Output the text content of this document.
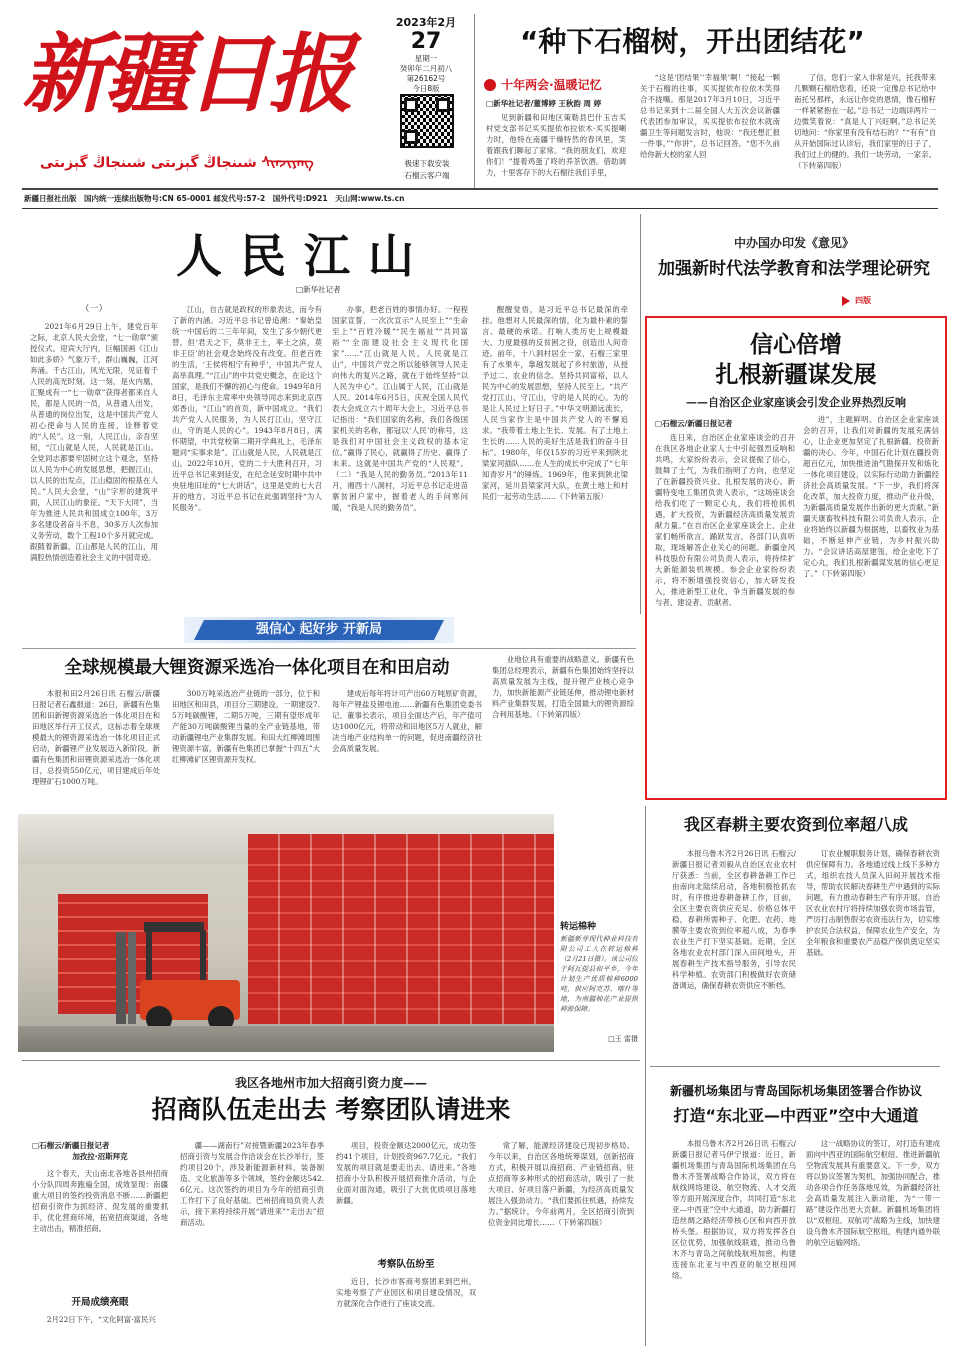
新疆日报
شىنجاڭ گېزىتى شىنجاڭ گېزىتى ᠰᠢᠨᠵᠢᠶᠠᠩ
2023年2月
27
星期一
癸卯年二月初八
第26162号
今日8版
极速下载安装
石榴云客户端
“种下石榴树，开出团结花”
十年两会·温暖记忆
□新华社记者/董博婷 王秋韵 周 婷
见到新疆和田地区策勒县巴什玉吉买村党支部书记买买提依布拉依木·买买提喇力时，他特在南疆干燥特然的春风里，笑着跟我们聊起了家常。“我的朋友们，欢迎你们！”提着鸡蛋了咚的养茶饮酒。借助调力，十里客存下的大石榴往我们手里，
“这是‘团结果’‘幸福果’啊！”接起一颗关于石榴的往事，买买提依布拉依木笑得合不拢嘴。那是2017年3月10日，习近平总书记来到十二届全国人大五次会议新疆代表团参加审议，买买提依布拉依木就南疆卫生等问题发言时，他说：“我还想汇报一件事。”“你讲”，总书记回答。“您不久前给你新大校的家人回
了信，您们一家入非常是兴，托我带来几颗颗石榴给您看，还说一定像总书记给中南托另那样，永远让你党的恩情，像石榴籽一样紧紧抱在一起。”总书记一边端详两片一边微笑着说：“真是人丁兴旺啊。”总书记关切地问：“你家里有没有结石的？”“有有”自从开始国际过认诊后，我们家里的日子了，我们过上的健的。我们一块劳动，一家亲。（下转第四版）
新疆日报社出版　国内统一连续出版物号:CN 65-0001 邮发代号:57-2　国外代号:D921　天山网:www.ts.cn
人民江山
□新华社记者
（一）

2021年6月29日上午，建党百年之际，北京人民大会堂，“七一勋章”颁授仪式。迎宾大厅内，巨幅国画《江山如此多娇》气象万千，群山巍巍，江河奔涌。千古江山，风光无限，见证着千人民的高光时刻。这一刻，是火内凰，汇聚成有一“七一勋章”获得者都来自人民，都是人民的一员，从普通人出发，从普通的岗位出发，这是中国共产党人初心使命与人民的连接，诠释着党的“人民”。这一刻，人民江山，亲吾坚韧，“江山就是人民，人民就是江山。全党同志都要牢固树立这个观念，坚持以人民为中心的发展思想，把握江山，以人民的出发点，江山稳固的根基在人民。”人民大会堂，“山”字形的建筑平面，人民江山的象征。“天下大同”，当年为推进人民共和国成立100年，3万多名建设者奋斗不息，30多万人次参加义务劳动，数个工程10个多月就完成。跟随着新疆、江山都是人民的江山，用满腔热情创造着社会主义的中国奇迹。

江山，自古就是政权的形象表达，而今有了新的内涵。习近平总书记曾追溯：“秦始皇统一中国后的二三年年间，发生了多少朝代更替，但‘君天之下，莫非王土，率土之滨，莫非王臣’的社会观念始终没有改变。但老百姓的生活，‘王侯将相宁有种乎’，中国共产党人高举真理。”“江山”的中共党史概念，在论这个国家，是我们不懈的初心与使命。1949年8月8日，毛泽东主席率中央领导同志来到北京西郊香山，“江山”的首页，新中国成立。“我们共产党人人民服务，为人民打江山，坚守江山，守的是人民的心”。1943年8月8日，满怀期望，中共党校第二期开学典礼上，毛泽东题词“实事求是”。江山就是人民，人民就是江山。2022年10月，党的二十大胜利召开，习近平总书记来到延安，在纪念延安时期中共中央驻地旧址的“七大讲话”，这里是党的七大召开的地方。习近平总书记在此强调坚持“为人民服务”。

办事，把老百姓的事情办好。一程程国家宣誓，一次次宣示“人民至上”“生命至上”“百姓冷暖”“民生福祉”“共同富裕”“全面建设社会主义现代化国家”……“江山就是人民，人民就是江山”，中国共产党之所以能够领导人民走向伟大的复兴之路，就在于始终坚持“以人民为中心”。江山属于人民，江山就是人民。2014年6月5日，庆祝全国人民代表大会成立六十周年大会上，习近平总书记指出：“我们国家的名称，我们各级国家机关的名称，都冠以‘人民’的称号，这是我们对中国社会主义政权的基本定位。”赢得了民心，就赢得了历史、赢得了未来。这就是中国共产党的“人民观”。（二）“我是人民的勤务员。”2013年11月，湘西十八洞村，习近平总书记走进苗寨贫困户家中，握着老人的手问寒问暖，“我是人民的勤务员”。

醒醒觉悟，是习近平总书记最深的牵挂。他想对人民最深的情，化为最朴素的誓言、最硬的承诺。打响人类历史上规模最大、力度最强的反贫困之役，创造出人间奇迹。前年，十八洞村居全一家，石榴三家里有了水果车，靠越发展起了乡村旅游，从授予过二、农业的信念。坚持共同富裕，以人民为中心的发展思想，坚持人民至上。“共产党打江山、守江山，守的是人民的心。为的是让人民过上好日子。”中华文明源远流长，人民当家作主是中国共产党人的不懈追求。“我带着土地上生长、发展。有了土地上生长的……人民的美好生活是我们的奋斗目标”。1980年，年仅15岁的习近平来到陕北梁家河插队……在人生的成长中完成了“七年知青岁月”的锤炼。1969年，他来到陕北梁家河，延川县梁家河大队，在黄土地上和村民们一起劳动生活……（下转第五版）

中办国办印发《意见》
加强新时代法学教育和法学理论研究
四版
信心倍增
扎根新疆谋发展
——自治区企业家座谈会引发企业界热烈反响
□石榴云/新疆日报记者

连日来，自治区企业家座谈会的召开在我区各地企业家人士中引起强烈反响和共鸣，大家纷纷表示，会议提振了信心，鼓舞了士气，为我们指明了方向，也坚定了在新疆投资兴业、扎根发展的决心。新疆特变电工集团负责人表示，“这场座谈会给我们吃了一颗定心丸，我们将抢抓机遇，扩大投资，为新疆经济高质量发展贡献力量。”在自治区企业家座谈会上，企业家们畅所欲言，踊跃发言，各部门认真听取，现场解答企业关心的问题。新疆金风科技股份有限公司负责人表示，将持续扩大新能源装机规模。参会企业家纷纷表示，将不断增强投资信心，加大研发投入，推进新型工业化，争当新疆发展的参与者、建设者、贡献者。

进”，主题鲜明。自治区企业家座谈会的召开，让我们对新疆的发展充满信心，让企业更加坚定了扎根新疆、投资新疆的决心。今年，中国石化计划在疆投资超百亿元，加快推进油气勘探开发和炼化一体化项目建设，以实际行动助力新疆经济社会高质量发展。“下一步，我们将深化改革，加大投资力度，推动产业升级，为新疆高质量发展作出新的更大贡献。”新疆天康畜牧科技有限公司负责人表示，企业将始终以新疆为根据地，以畜牧业为基础，不断延伸产业链，为乡村振兴助力。“会议讲话高屋建瓴，给企业吃下了定心丸，我们扎根新疆谋发展的信心更足了。”（下转第四版）

强信心 起好步 开新局
全球规模最大锂资源采选冶一体化项目在和田启动

本报和田2月26日讯 石榴云/新疆日报记者石鑫报道：26日，新疆有色集团和田新锂资源采选冶一体化项目在和田地区举行开工仪式，这标志着全球规模最大的锂资源采选冶一体化项目正式启动，新疆锂产业发展迈入新阶段。新疆有色集团和田锂资源采选冶一体化项目，总投资550亿元，项目建成后年处理锂矿石1000万吨。

300万吨采选冶产业链的一部分，位于和田地区和田县，项目分三期建设，一期建设7.5万吨碳酸锂，二期5万吨，三期有望形成年产能30万吨碳酸锂当量的全产业链基地，带动新疆锂电产业集群发展。和田大红柳滩周围锂资源丰富，新疆有色集团已掌握“十四五”大红柳滩矿区锂资源开发权。

建成后每年将计可产出60万吨原矿资源，每年产锂盐及锂电池……新疆有色集团党委书记、董事长表示，项目全面达产后，年产值可达1000亿元，将带动和田地区5万人就业，解决当地产业结构单一的问题，促进南疆经济社会高质量发展。

业地位具有重要的战略意义。新疆有色集团总经理表示，新疆有色集团始终坚持以高质量发展为主线，提升锂产业核心竞争力，加快新能源产业链延伸，推动锂电新材料产业集群发展，打造全国最大的锂资源综合利用基地。（下转第四版）

转运棉种
新疆新芽现代种业科技有限公司工人在转运棉种（2月21日摄）。该公司位于阿瓦提县和平乡，今年计划生产优质棉种6000吨，供应阿克苏、喀什等地，为南疆棉花产业提供种源保障。
□王 雷摄
我区春耕主要农资到位率超八成

本报乌鲁木齐2月26日讯 石榴云/新疆日报记者刘毅从自治区农业农村厅获悉：当前，全区春耕备耕工作已由南向北陆续启动，各地积极抢抓农时，有序推进春耕备耕工作，目前，全区主要农资供应充足、价格总体平稳，春耕所需种子、化肥、农药、地膜等主要农资到位率超八成，为春季农业生产打下坚实基础。近期，全区各地农业农村部门深入田间地头，开展春耕生产技术指导服务，引导农民科学种植。农资部门积极做好农资储备调运，确保春耕农资供应不断档。

订农业履职服务计划，确保春耕农资供应保障有力。各地通过线上线下多种方式，组织农技人员深入田间开展技术指导，帮助农民解决春耕生产中遇到的实际问题，有力推动春耕生产有序开展。自治区农业农村厅将持续加强农资市场监管，严厉打击制售假劣农资违法行为，切实维护农民合法权益，保障农业生产安全，为全年粮食和重要农产品稳产保供奠定坚实基础。

新疆机场集团与青岛国际机场集团签署合作协议
打造“东北亚—中西亚”空中大通道

本报乌鲁木齐2月26日讯 石榴云/新疆日报记者马伊宁报道：近日，新疆机场集团与青岛国际机场集团在乌鲁木齐签署战略合作协议，双方将在航线网络建设、航空物流、人才交流等方面开展深度合作，共同打造“东北亚—中西亚”空中大通道，助力新疆打造丝绸之路经济带核心区和向西开放桥头堡。根据协议，双方将发挥各自区位优势，加强航线联通，推动乌鲁木齐与青岛之间航线航班加密，构建连接东北亚与中西亚的航空枢纽网络。

这一战略协议的签订，对打造有建成面向中西亚的国际航空枢纽、推进新疆航空物流发展具有重要意义。下一步，双方将以协议签署为契机，加强协同配合，推动各项合作任务落地见效，为新疆经济社会高质量发展注入新动能，为“一带一路”建设作出更大贡献。新疆机场集团将以“双枢纽、双航司”战略为主线，加快建设乌鲁木齐国际航空枢纽，构建内通外联的航空运输网络。

我区各地州市加大招商引资力度——
招商队伍走出去 考察团队请进来
□石榴云/新疆日报记者
加孜拉·沼斯拜克

这个春天，天山南北各地各县州招商小分队四周奔跑遍全国，成效显现：南疆重大项目的签约投资消息不断……新疆把招商引资作为抓经济、促发展的重要抓手，优化营商环境，拓宽招商渠道，各地主动出击，精准招商。

开局成绩亮眼

2月22日下午，“文化阿富·富民兴

疆——湖南行”对接暨新疆2023年春季招商引资与发展合作洽谈会在长沙举行，签约项目20个，涉及新能源新材料、装备制造、文化旅游等多个领域，签约金额达542.6亿元。这次签约的项目为今年的招商引资工作打下了良好基础。巴州招商局负责人表示，接下来将持续开展“请进来”“走出去”招商活动。

项目，投资金额达2000亿元，成功签约41个项目，计划投资967.7亿元。“我们发展的项目就是要走出去、请进来。”各地招商小分队积极开展招商推介活动，与企业面对面沟通，吸引了大批优质项目落地新疆。

考察队伍纷至

近日，长沙市客商考察团来到巴州，实地考察了产业园区和项目建设情况，双方就深化合作进行了座谈交流。

常了解，能源经济建设已现初步格局。今年以来，自治区各地统筹谋划，创新招商方式，积极开展以商招商、产业链招商、驻点招商等多种形式的招商活动，吸引了一批大项目、好项目落户新疆，为经济高质量发展注入强劲动力。“我们要抓住机遇，持续发力。”据统计，今年前两月，全区招商引资到位资金同比增长……（下转第四版）
